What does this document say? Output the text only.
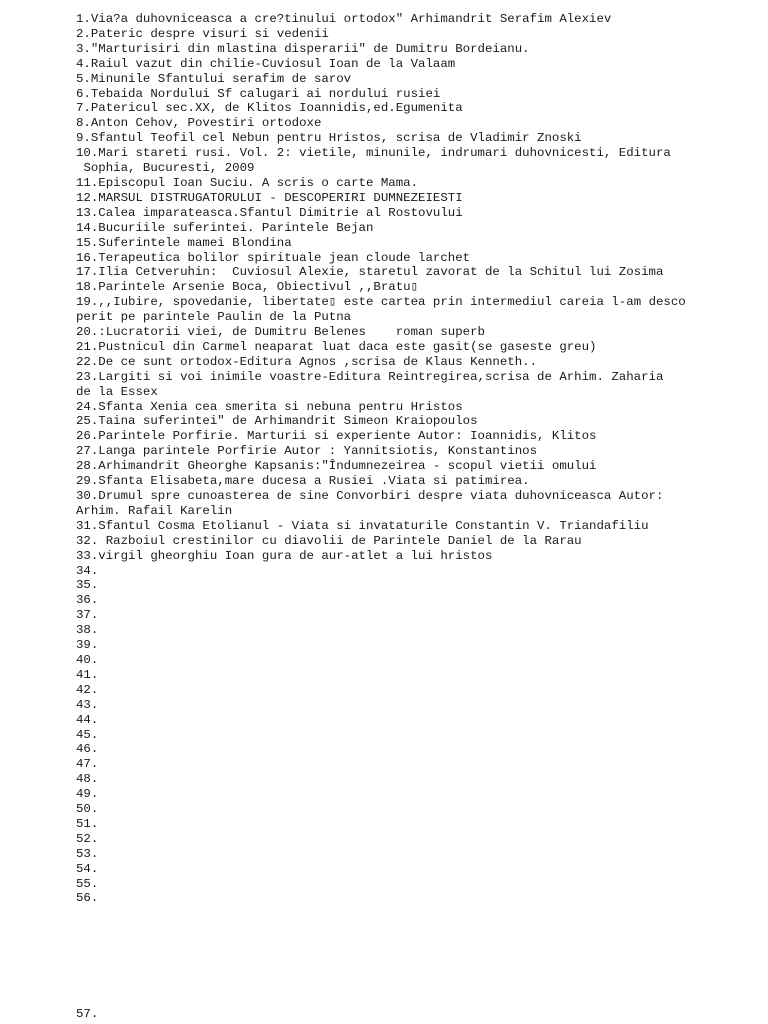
1.Via?a duhovniceasca a cre?tinului ortodox" Arhimandrit Serafim Alexiev
2.Pateric despre visuri si vedenii
3."Marturisiri din mlastina disperarii" de Dumitru Bordeianu.
4.Raiul vazut din chilie-Cuviosul Ioan de la Valaam
5.Minunile Sfantului serafim de sarov
6.Tebaida Nordului Sf calugari ai nordului rusiei
7.Patericul sec.XX, de Klitos Ioannidis,ed.Egumenita
8.Anton Cehov, Povestiri ortodoxe
9.Sfantul Teofil cel Nebun pentru Hristos, scrisa de Vladimir Znoski
10.Mari stareti rusi. Vol. 2: vietile, minunile, indrumari duhovnicesti, Editura
Sophia, Bucuresti, 2009
11.Episcopul Ioan Suciu. A scris o carte Mama.
12.MARSUL DISTRUGATORULUI - DESCOPERIRI DUMNEZEIESTI
13.Calea imparateasca.Sfantul Dimitrie al Rostovului
14.Bucuriile suferintei. Parintele Bejan
15.Suferintele mamei Blondina
16.Terapeutica bolilor spirituale jean cloude larchet
17.Ilia Cetveruhin:  Cuviosul Alexie, staretul zavorat de la Schitul lui Zosima
18.Parintele Arsenie Boca, Obiectivul ,,Bratu▯
19.,,Iubire, spovedanie, libertate▯ este cartea prin intermediul careia l-am desco
perit pe parintele Paulin de la Putna
20.:Lucratorii viei, de Dumitru Belenes    roman superb
21.Pustnicul din Carmel neaparat luat daca este gasit(se gaseste greu)
22.De ce sunt ortodox-Editura Agnos ,scrisa de Klaus Kenneth..
23.Largiti si voi inimile voastre-Editura Reintregirea,scrisa de Arhim. Zaharia
de la Essex
24.Sfanta Xenia cea smerita si nebuna pentru Hristos
25.Taina suferintei" de Arhimandrit Simeon Kraiopoulos
26.Parintele Porfirie. Marturii si experiente Autor: Ioannidis, Klitos
27.Langa parintele Porfirie Autor : Yannitsiotis, Konstantinos
28.Arhimandrit Gheorghe Kapsanis:"Îndumnezeirea - scopul vietii omului
29.Sfanta Elisabeta,mare ducesa a Rusiei .Viata si patimirea.
30.Drumul spre cunoasterea de sine Convorbiri despre viata duhovniceasca Autor:
Arhim. Rafail Karelin
31.Sfantul Cosma Etolianul - Viata si invataturile Constantin V. Triandafiliu
32. Razboiul crestinilor cu diavolii de Parintele Daniel de la Rarau
33.virgil gheorghiu Ioan gura de aur-atlet a lui hristos
34.
35.
36.
37.
38.
39.
40.
41.
42.
43.
44.
45.
46.
47.
48.
49.
50.
51.
52.
53.
54.
55.
56.
57.
